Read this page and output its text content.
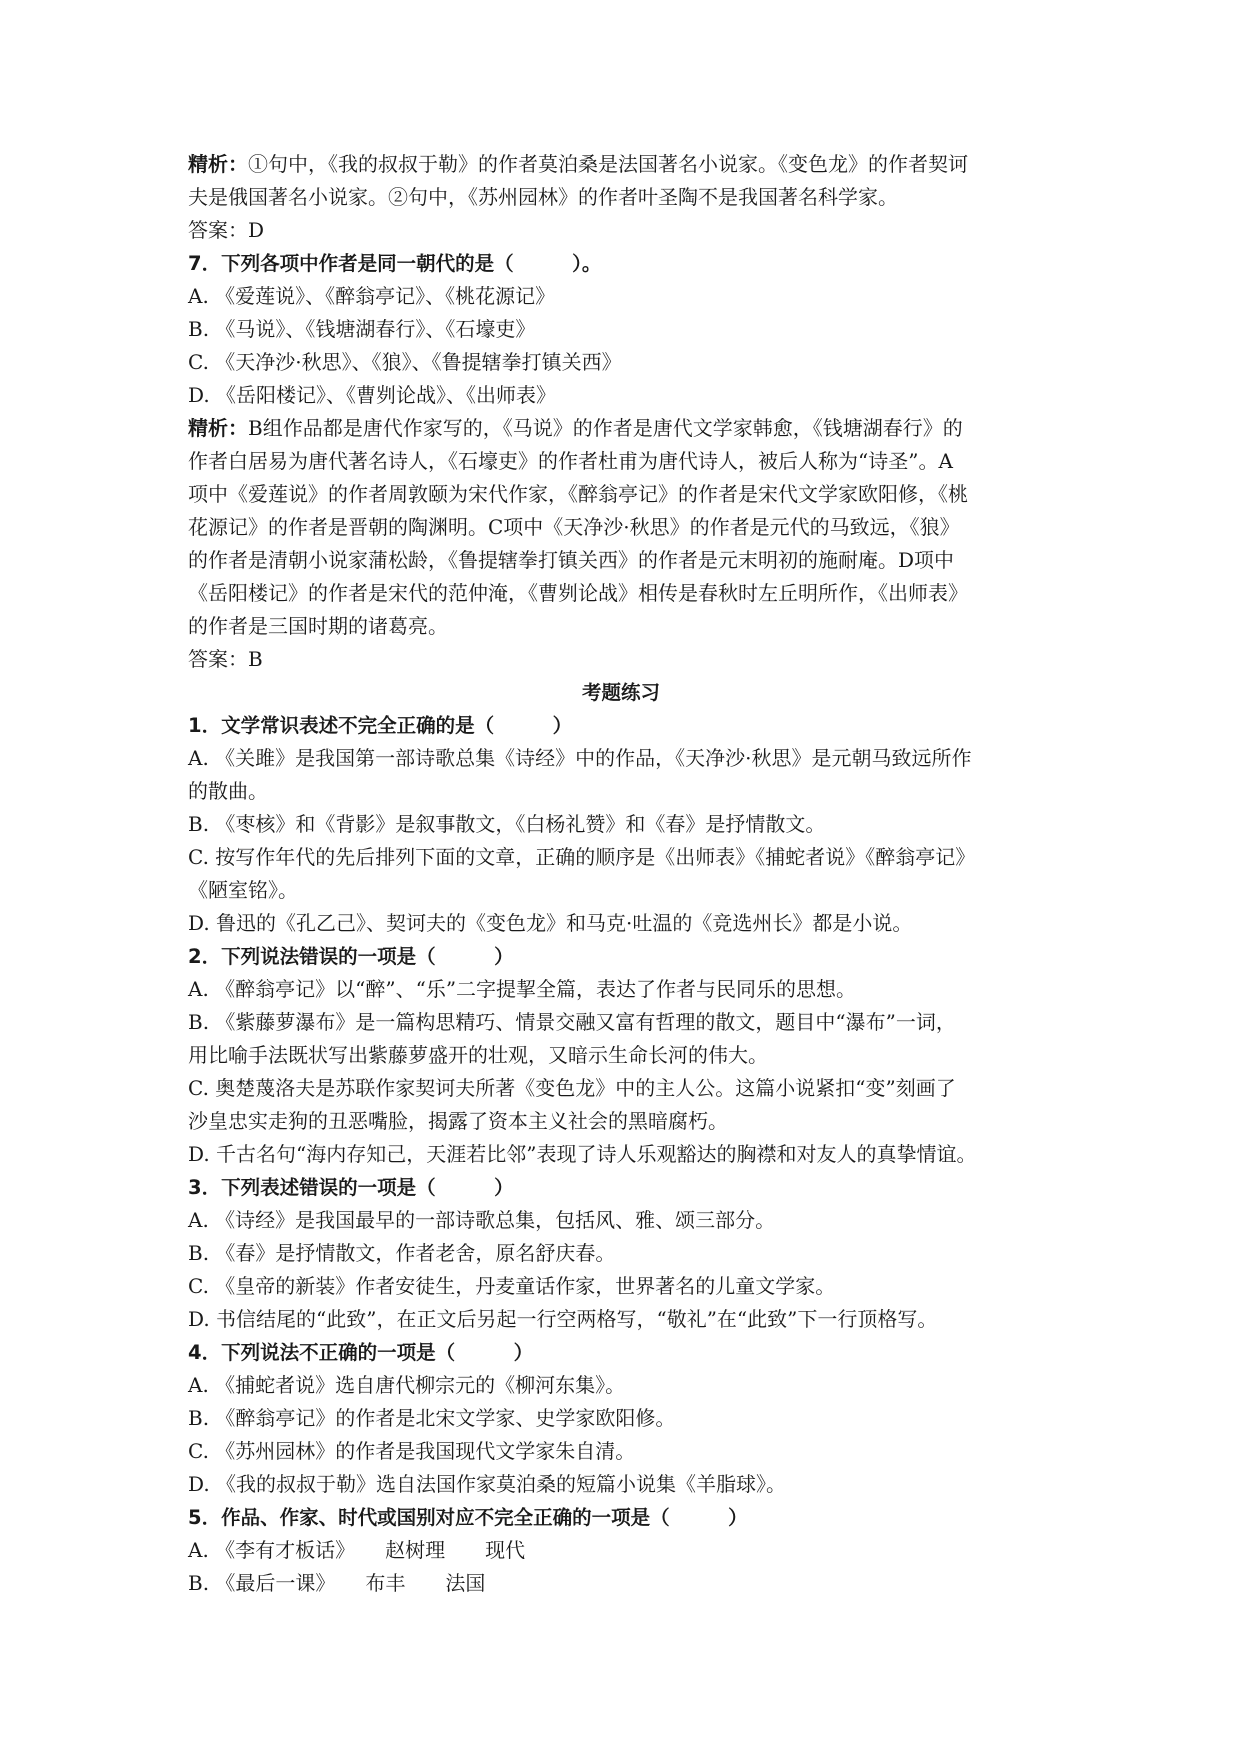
精析：①句中，《我的叔叔于勒》的作者莫泊桑是法国著名小说家。《变色龙》的作者契诃
夫是俄国著名小说家。②句中，《苏州园林》的作者叶圣陶不是我国著名科学家。
答案：D
7．下列各项中作者是同一朝代的是（　　　）。
A. 《爱莲说》、《醉翁亭记》、《桃花源记》
B. 《马说》、《钱塘湖春行》、《石壕吏》
C. 《天净沙·秋思》、《狼》、《鲁提辖拳打镇关西》
D. 《岳阳楼记》、《曹刿论战》、《出师表》
精析：B组作品都是唐代作家写的，《马说》的作者是唐代文学家韩愈，《钱塘湖春行》的
作者白居易为唐代著名诗人，《石壕吏》的作者杜甫为唐代诗人，被后人称为“诗圣”。A
项中《爱莲说》的作者周敦颐为宋代作家，《醉翁亭记》的作者是宋代文学家欧阳修，《桃
花源记》的作者是晋朝的陶渊明。C项中《天净沙·秋思》的作者是元代的马致远，《狼》
的作者是清朝小说家蒲松龄，《鲁提辖拳打镇关西》的作者是元末明初的施耐庵。D项中
《岳阳楼记》的作者是宋代的范仲淹，《曹刿论战》相传是春秋时左丘明所作，《出师表》
的作者是三国时期的诸葛亮。
答案：B
考题练习
1．文学常识表述不完全正确的是（　　　）
A. 《关雎》是我国第一部诗歌总集《诗经》中的作品，《天净沙·秋思》是元朝马致远所作
的散曲。
B. 《枣核》和《背影》是叙事散文，《白杨礼赞》和《春》是抒情散文。
C. 按写作年代的先后排列下面的文章，正确的顺序是《出师表》《捕蛇者说》《醉翁亭记》
《陋室铭》。
D. 鲁迅的《孔乙己》、契诃夫的《变色龙》和马克·吐温的《竞选州长》都是小说。
2．下列说法错误的一项是（　　　）
A. 《醉翁亭记》以“醉”、“乐”二字提挈全篇，表达了作者与民同乐的思想。
B. 《紫藤萝瀑布》是一篇构思精巧、情景交融又富有哲理的散文，题目中“瀑布”一词，
用比喻手法既状写出紫藤萝盛开的壮观，又暗示生命长河的伟大。
C. 奥楚蔑洛夫是苏联作家契诃夫所著《变色龙》中的主人公。这篇小说紧扣“变”刻画了
沙皇忠实走狗的丑恶嘴脸，揭露了资本主义社会的黑暗腐朽。
D. 千古名句“海内存知己，天涯若比邻”表现了诗人乐观豁达的胸襟和对友人的真挚情谊。
3．下列表述错误的一项是（　　　）
A. 《诗经》是我国最早的一部诗歌总集，包括风、雅、颂三部分。
B. 《春》是抒情散文，作者老舍，原名舒庆春。
C. 《皇帝的新装》作者安徒生，丹麦童话作家，世界著名的儿童文学家。
D. 书信结尾的“此致”，在正文后另起一行空两格写，“敬礼”在“此致”下一行顶格写。
4．下列说法不正确的一项是（　　　）
A. 《捕蛇者说》选自唐代柳宗元的《柳河东集》。
B. 《醉翁亭记》的作者是北宋文学家、史学家欧阳修。
C. 《苏州园林》的作者是我国现代文学家朱自清。
D. 《我的叔叔于勒》选自法国作家莫泊桑的短篇小说集《羊脂球》。
5．作品、作家、时代或国别对应不完全正确的一项是（　　　）
A. 《李有才板话》　　赵树理　　现代
B. 《最后一课》　　布丰　　法国
